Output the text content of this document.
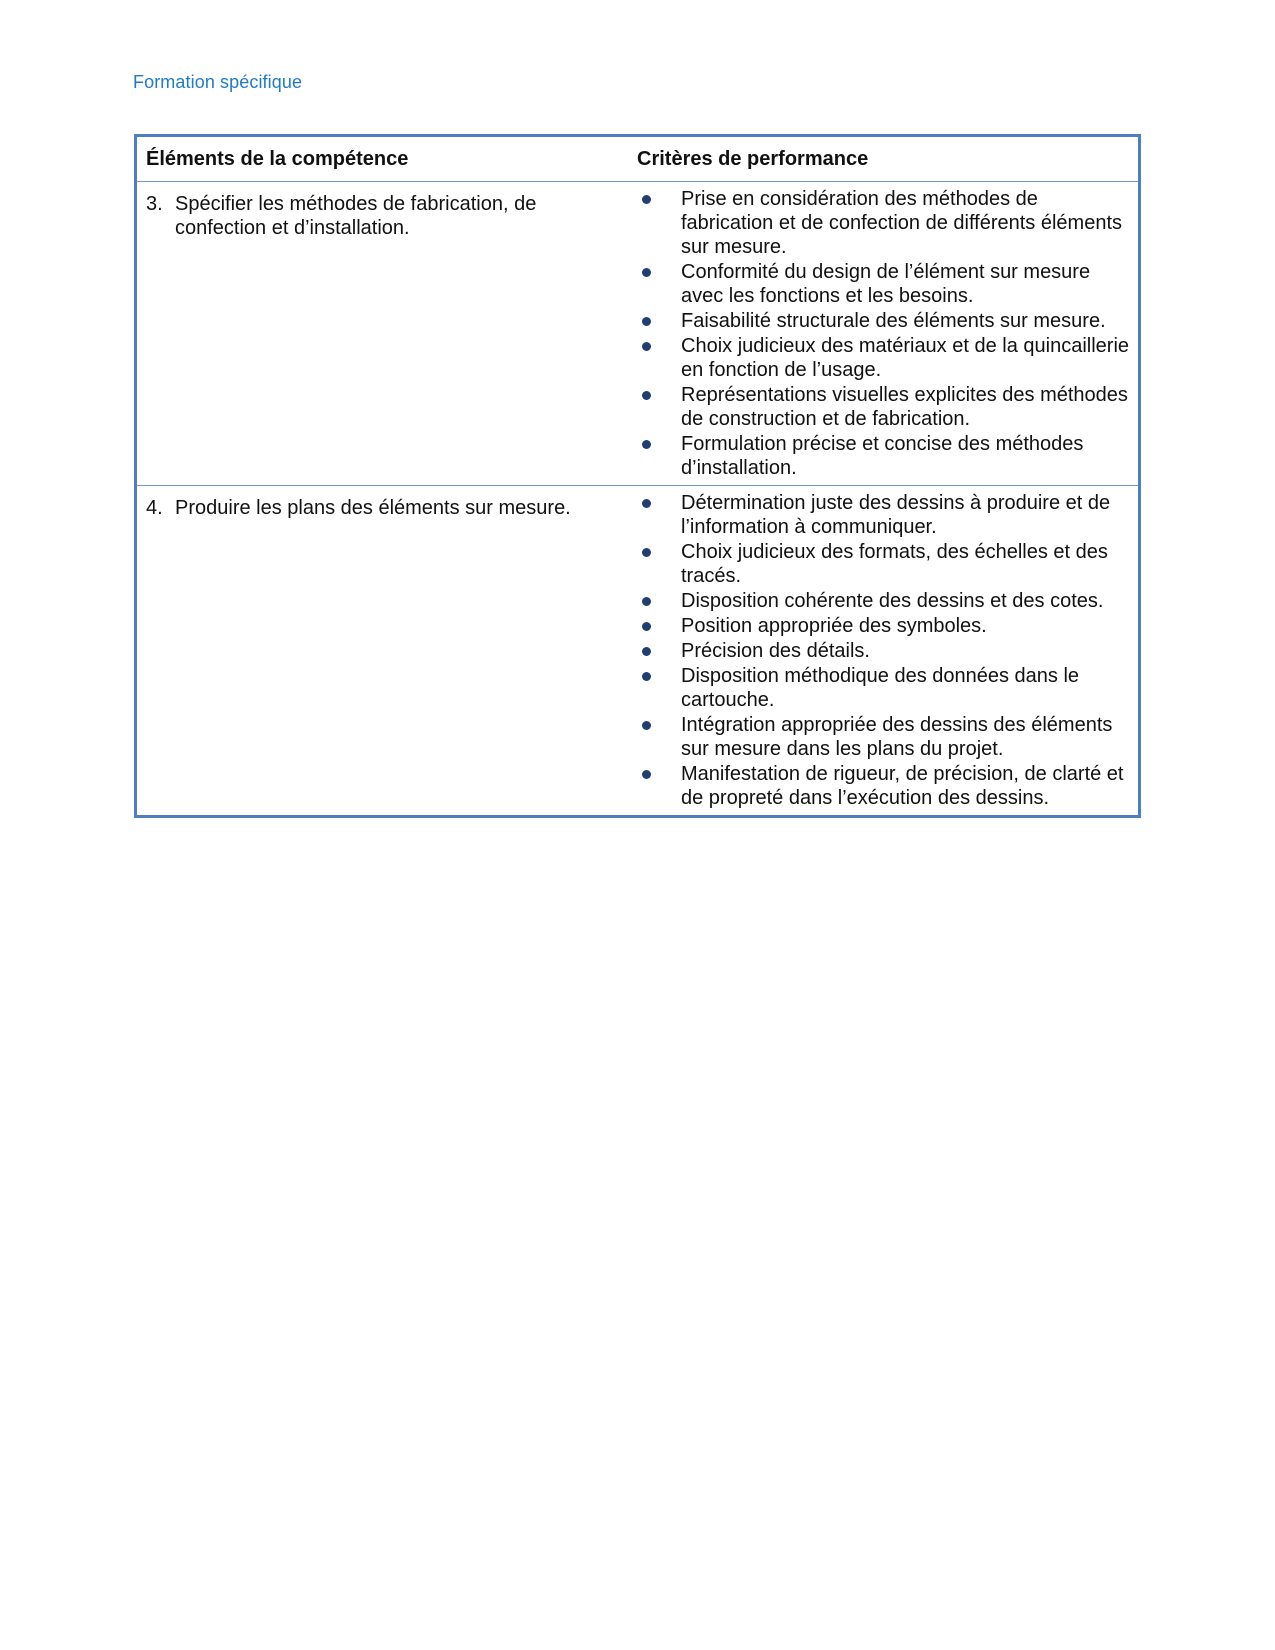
Formation spécifique
Éléments de la compétence	Critères de performance
3. Spécifier les méthodes de fabrication, de confection et d’installation.
Prise en considération des méthodes de fabrication et de confection de différents éléments sur mesure.
Conformité du design de l’élément sur mesure avec les fonctions et les besoins.
Faisabilité structurale des éléments sur mesure.
Choix judicieux des matériaux et de la quincaillerie en fonction de l’usage.
Représentations visuelles explicites des méthodes de construction et de fabrication.
Formulation précise et concise des méthodes d’installation.
4. Produire les plans des éléments sur mesure.	Détermination juste des dessins à produire et de l’information à communiquer.
Choix judicieux des formats, des échelles et des tracés.
Disposition cohérente des dessins et des cotes.
Position appropriée des symboles.
Précision des détails.
Disposition méthodique des données dans le cartouche.
Intégration appropriée des dessins des éléments sur mesure dans les plans du projet.
Manifestation de rigueur, de précision, de clarté et de propreté dans l’exécution des dessins.
